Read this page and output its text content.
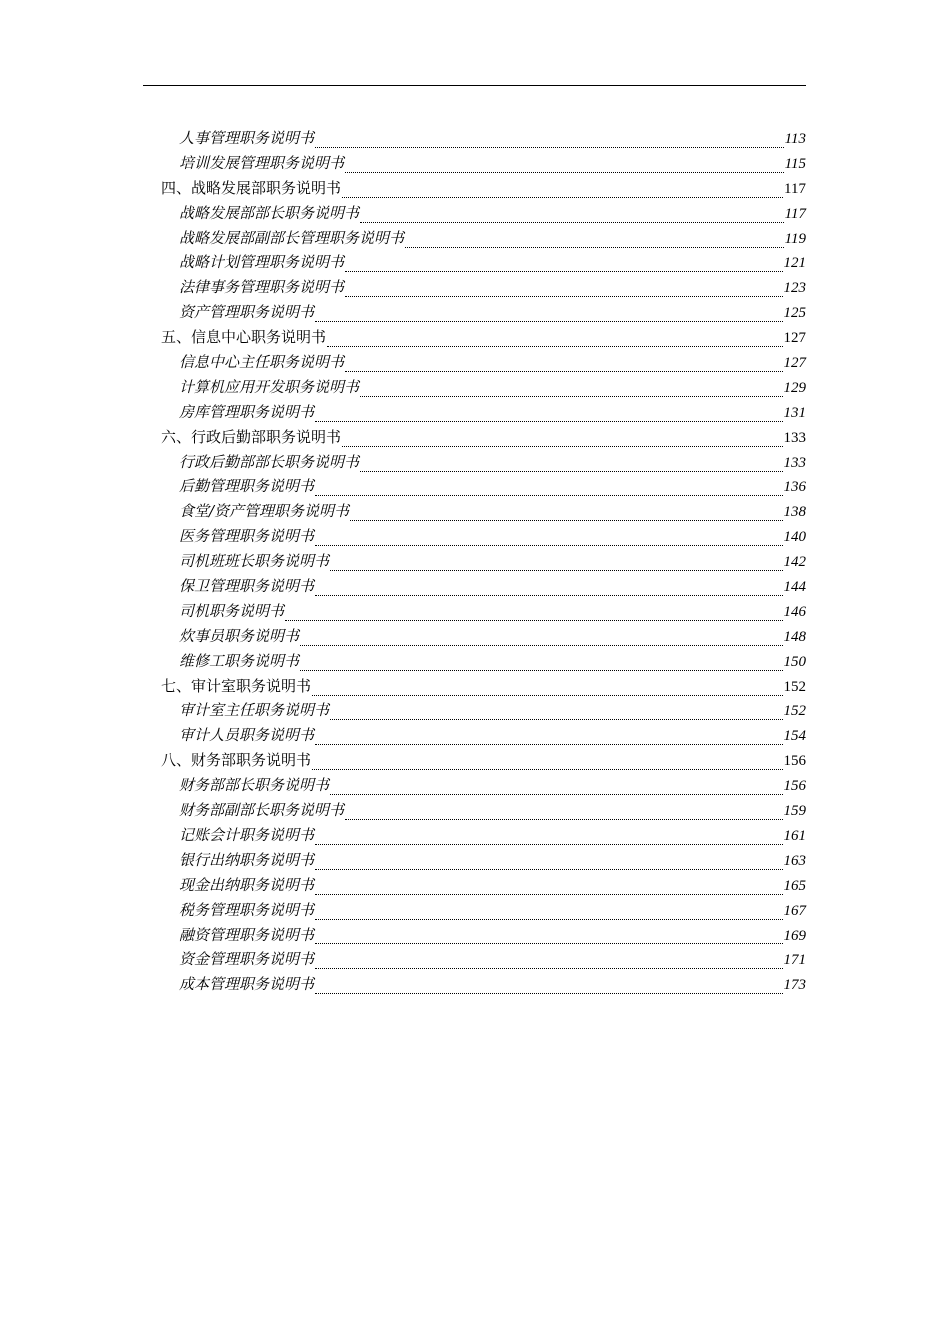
人事管理职务说明书	113
培训发展管理职务说明书	115
四、战略发展部职务说明书	117
战略发展部部长职务说明书	117
战略发展部副部长管理职务说明书	119
战略计划管理职务说明书	121
法律事务管理职务说明书	123
资产管理职务说明书	125
五、信息中心职务说明书	127
信息中心主任职务说明书	127
计算机应用开发职务说明书	129
房库管理职务说明书	131
六、行政后勤部职务说明书	133
行政后勤部部长职务说明书	133
后勤管理职务说明书	136
食堂/资产管理职务说明书	138
医务管理职务说明书	140
司机班班长职务说明书	142
保卫管理职务说明书	144
司机职务说明书	146
炊事员职务说明书	148
维修工职务说明书	150
七、审计室职务说明书	152
审计室主任职务说明书	152
审计人员职务说明书	154
八、财务部职务说明书	156
财务部部长职务说明书	156
财务部副部长职务说明书	159
记账会计职务说明书	161
银行出纳职务说明书	163
现金出纳职务说明书	165
税务管理职务说明书	167
融资管理职务说明书	169
资金管理职务说明书	171
成本管理职务说明书	173
